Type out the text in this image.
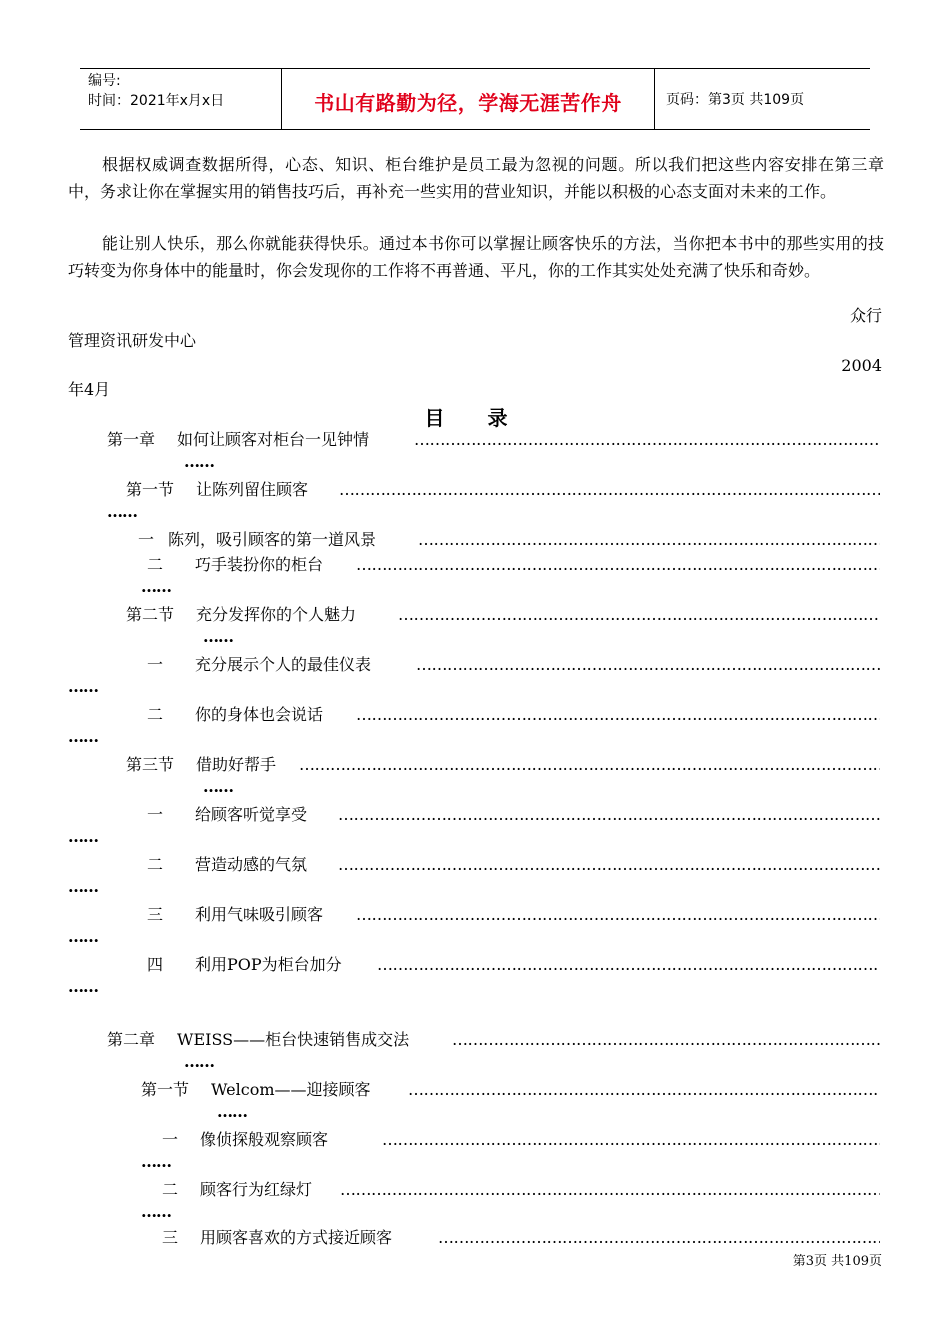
编号:
时间：2021年x月x日	书山有路勤为径，学海无涯苦作舟	页码：第3页 共109页

根据权威调查数据所得，心态、知识、柜台维护是员工最为忽视的问题。所以我们把这些内容安排在第三章中，务求让你在掌握实用的销售技巧后，再补充一些实用的营业知识，并能以积极的心态支面对未来的工作。

能让别人快乐，那么你就能获得快乐。通过本书你可以掌握让顾客快乐的方法，当你把本书中的那些实用的技巧转变为你身体中的能量时，你会发现你的工作将不再普通、平凡，你的工作其实处处充满了快乐和奇妙。

众行
管理资讯研发中心
2004
年4月
目 录
第一章 如何让顾客对柜台一见钟情
………………………………………………………………………………………………………………………………………………………………
……
第一节 让陈列留住顾客
………………………………………………………………………………………………………………………………………………………………
……
一 陈列，吸引顾客的第一道风景
………………………………………………………………………………………………………………………………………………………………
二 巧手装扮你的柜台
………………………………………………………………………………………………………………………………………………………………
……
第二节 充分发挥你的个人魅力
………………………………………………………………………………………………………………………………………………………………
……
一 充分展示个人的最佳仪表
………………………………………………………………………………………………………………………………………………………………
……
二 你的身体也会说话
………………………………………………………………………………………………………………………………………………………………
……
第三节 借助好帮手
………………………………………………………………………………………………………………………………………………………………
……
一 给顾客听觉享受
………………………………………………………………………………………………………………………………………………………………
……
二 营造动感的气氛
………………………………………………………………………………………………………………………………………………………………
……
三 利用气味吸引顾客
………………………………………………………………………………………………………………………………………………………………
……
四 利用POP为柜台加分
………………………………………………………………………………………………………………………………………………………………
……
第二章 WEISS——柜台快速销售成交法
………………………………………………………………………………………………………………………………………………………………
……
第一节 Welcom——迎接顾客
………………………………………………………………………………………………………………………………………………………………
……
一 像侦探般观察顾客
………………………………………………………………………………………………………………………………………………………………
……
二 顾客行为红绿灯
………………………………………………………………………………………………………………………………………………………………
……
三 用顾客喜欢的方式接近顾客
………………………………………………………………………………………………………………………………………………………………
第3页 共109页
